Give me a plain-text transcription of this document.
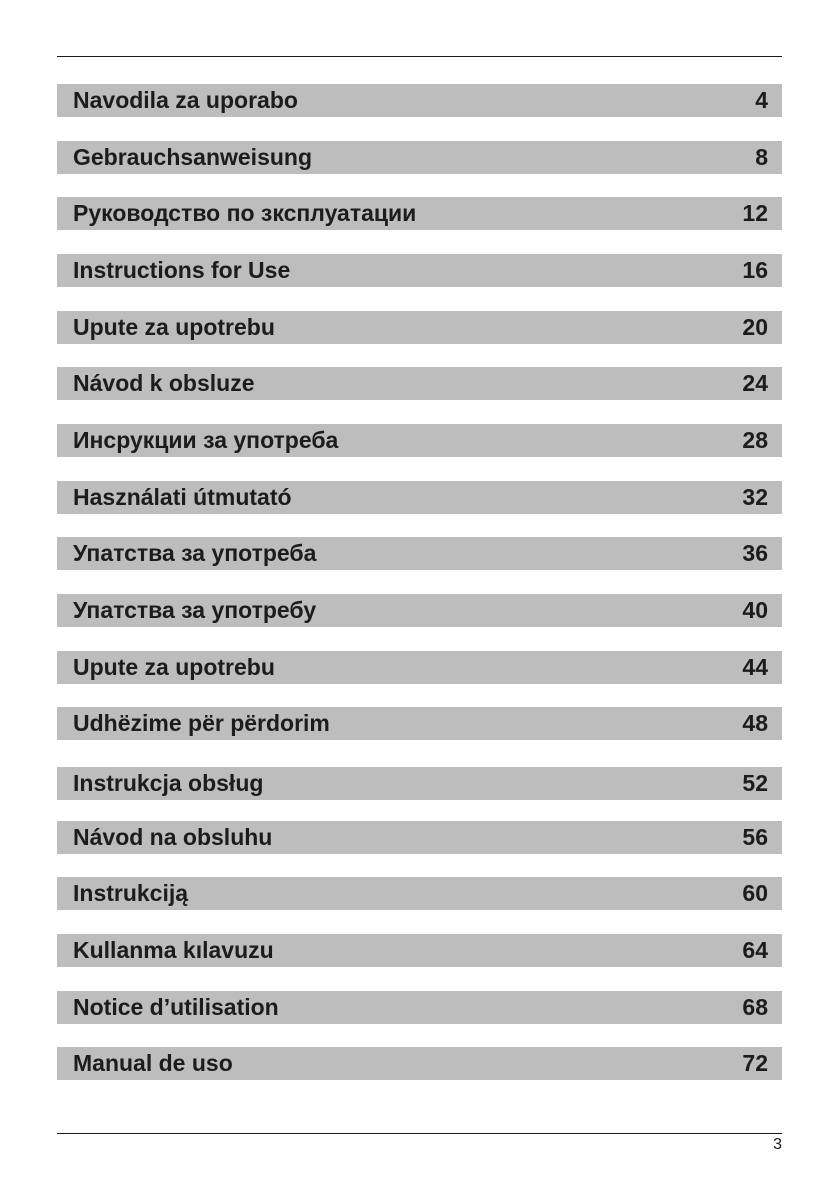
Navodila za uporabo	4
Gebrauchsanweisung	8
Руководство по зксплуатации	12
Instructions for Use	16
Upute za upotrebu	20
Návod k obsluze	24
Инсрукции за употреба	28
Használati útmutató	32
Упатства за употреба	36
Упатства за употребу	40
Upute za upotrebu	44
Udhëzime për përdorim	48
Instrukcja obsług	52
Návod na obsluhu	56
Instrukciją	60
Kullanma kılavuzu	64
Notice d’utilisation	68
Manual de uso	72
3
